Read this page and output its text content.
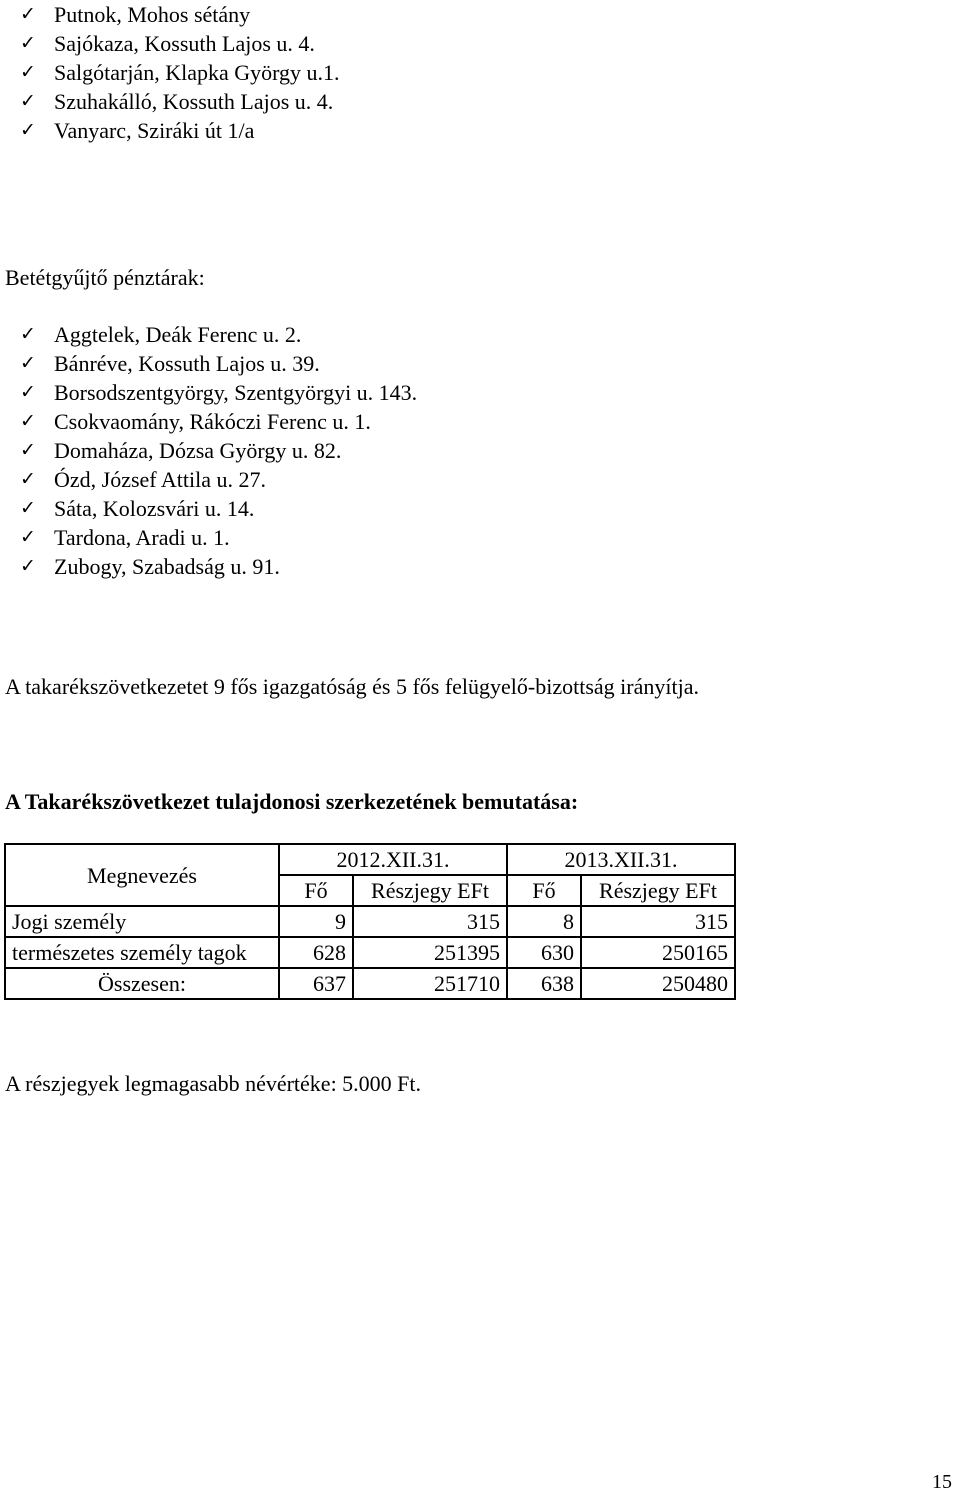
✓ Putnok, Mohos sétány
✓ Sajókaza, Kossuth Lajos u. 4.
✓ Salgótarján, Klapka György u.1.
✓ Szuhakálló, Kossuth Lajos u. 4.
✓ Vanyarc, Sziráki út 1/a

Betétgyűjtő pénztárak:

✓ Aggtelek, Deák Ferenc u. 2.
✓ Bánréve, Kossuth Lajos u. 39.
✓ Borsodszentgyörgy, Szentgyörgyi u. 143.
✓ Csokvaomány, Rákóczi Ferenc u. 1.
✓ Domaháza, Dózsa György u. 82.
✓ Ózd, József Attila u. 27.
✓ Sáta, Kolozsvári u. 14.
✓ Tardona, Aradi u. 1.
✓ Zubogy, Szabadság u. 91.

A takarékszövetkezetet 9 fős igazgatóság és 5 fős felügyelő-bizottság irányítja.

A Takarékszövetkezet tulajdonosi szerkezetének bemutatása:

Megnevezés	2012.XII.31.		2013.XII.31.	
	Fő	Részjegy EFt	Fő	Részjegy EFt
Jogi személy	9	315	8	315
természetes személy tagok	628	251395	630	250165
Összesen:	637	251710	638	250480

A részjegyek legmagasabb névértéke: 5.000 Ft.

15
